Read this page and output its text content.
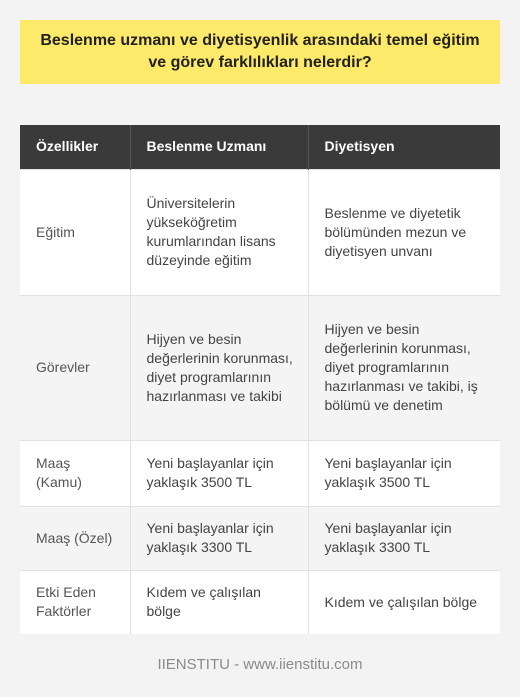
Beslenme uzmanı ve diyetisyenlik arasındaki temel eğitim ve görev farklılıkları nelerdir?
Özellikler	Beslenme Uzmanı	Diyetisyen
Eğitim	Üniversitelerin yükseköğretim kurumlarından lisans düzeyinde eğitim	Beslenme ve diyetetik bölümünden mezun ve diyetisyen unvanı
Görevler	Hijyen ve besin değerlerinin korunması, diyet programlarının hazırlanması ve takibi	Hijyen ve besin değerlerinin korunması, diyet programlarının hazırlanması ve takibi, iş bölümü ve denetim
Maaş (Kamu)	Yeni başlayanlar için yaklaşık 3500 TL	Yeni başlayanlar için yaklaşık 3500 TL
Maaş (Özel)	Yeni başlayanlar için yaklaşık 3300 TL	Yeni başlayanlar için yaklaşık 3300 TL
Etki Eden Faktörler	Kıdem ve çalışılan bölge	Kıdem ve çalışılan bölge
IIENSTITU - www.iienstitu.com
